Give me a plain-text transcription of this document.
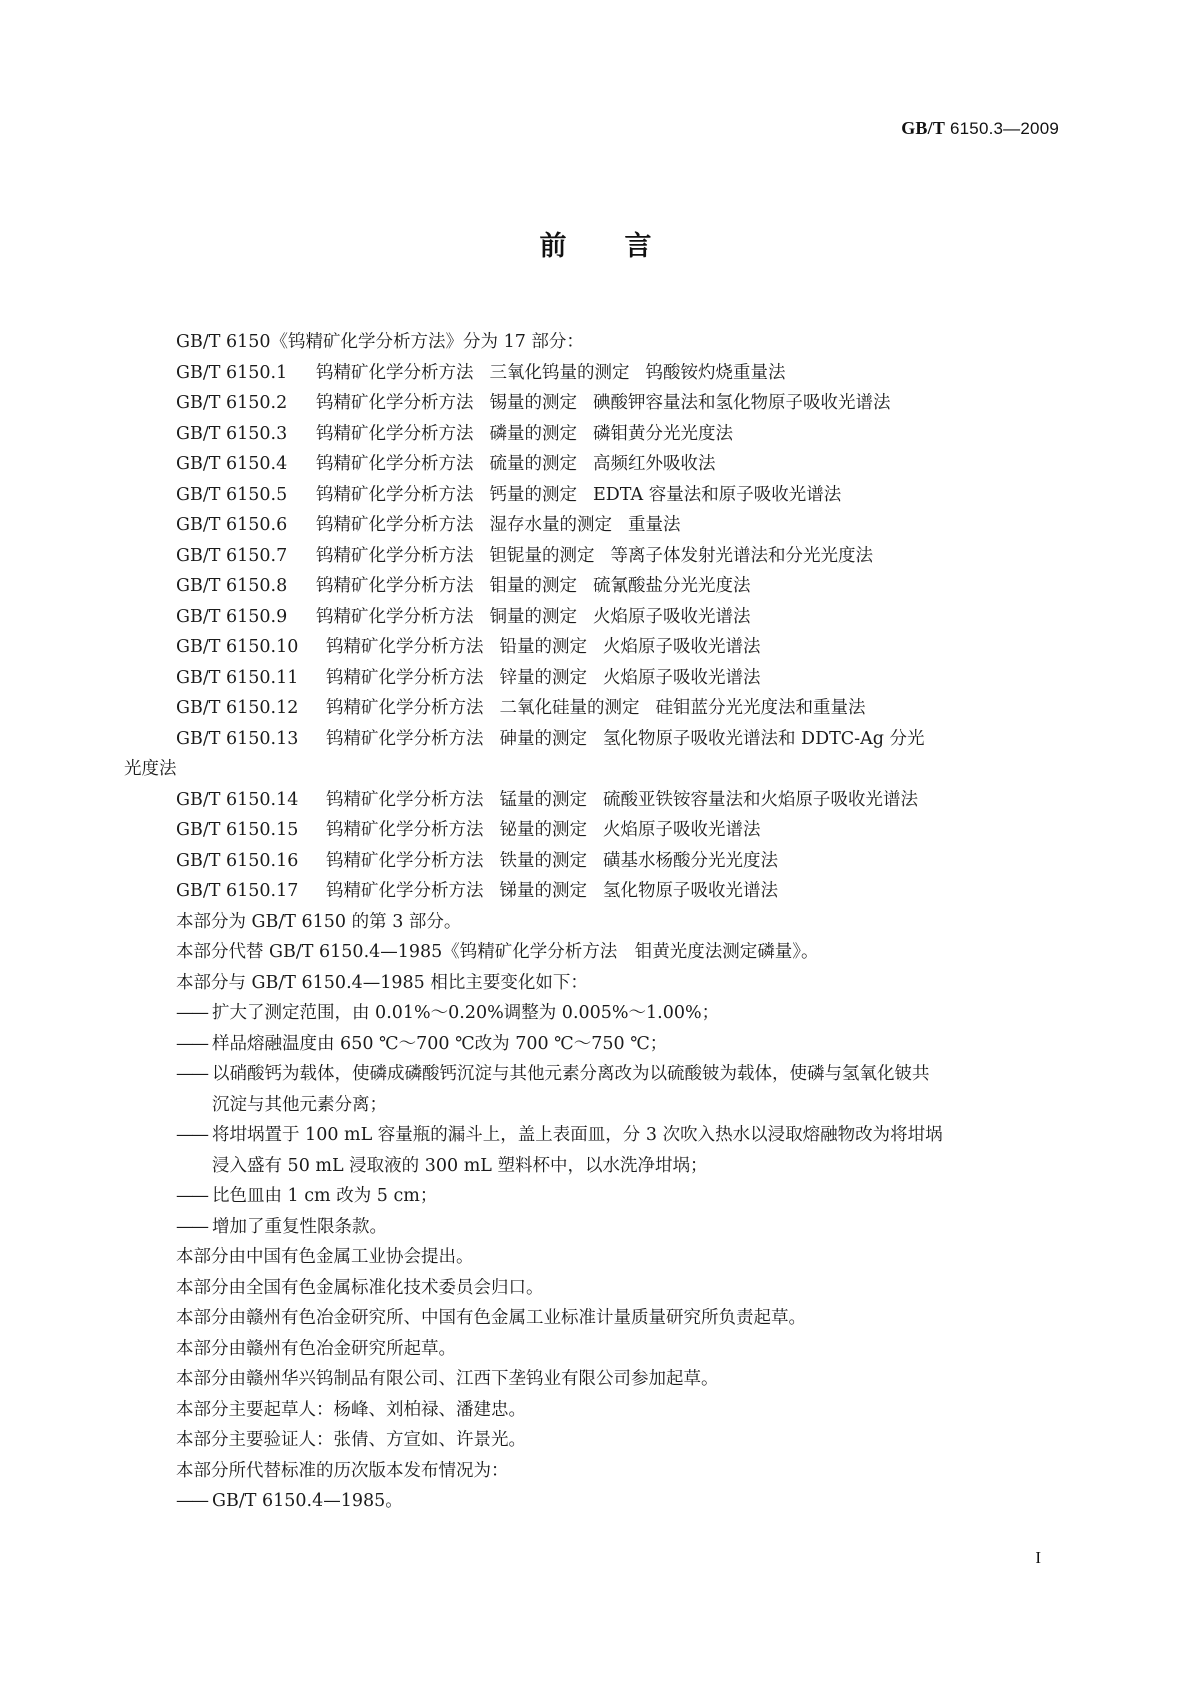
GB/T 6150.3—2009
前言
GB/T 6150《钨精矿化学分析方法》分为 17 部分：
GB/T 6150.1 钨精矿化学分析方法 三氧化钨量的测定 钨酸铵灼烧重量法
GB/T 6150.2 钨精矿化学分析方法 锡量的测定 碘酸钾容量法和氢化物原子吸收光谱法
GB/T 6150.3 钨精矿化学分析方法 磷量的测定 磷钼黄分光光度法
GB/T 6150.4 钨精矿化学分析方法 硫量的测定 高频红外吸收法
GB/T 6150.5 钨精矿化学分析方法 钙量的测定 EDTA 容量法和原子吸收光谱法
GB/T 6150.6 钨精矿化学分析方法 湿存水量的测定 重量法
GB/T 6150.7 钨精矿化学分析方法 钽铌量的测定 等离子体发射光谱法和分光光度法
GB/T 6150.8 钨精矿化学分析方法 钼量的测定 硫氰酸盐分光光度法
GB/T 6150.9 钨精矿化学分析方法 铜量的测定 火焰原子吸收光谱法
GB/T 6150.10 钨精矿化学分析方法 铅量的测定 火焰原子吸收光谱法
GB/T 6150.11 钨精矿化学分析方法 锌量的测定 火焰原子吸收光谱法
GB/T 6150.12 钨精矿化学分析方法 二氧化硅量的测定 硅钼蓝分光光度法和重量法
GB/T 6150.13 钨精矿化学分析方法 砷量的测定 氢化物原子吸收光谱法和 DDTC-Ag 分光
光度法
GB/T 6150.14 钨精矿化学分析方法 锰量的测定 硫酸亚铁铵容量法和火焰原子吸收光谱法
GB/T 6150.15 钨精矿化学分析方法 铋量的测定 火焰原子吸收光谱法
GB/T 6150.16 钨精矿化学分析方法 铁量的测定 磺基水杨酸分光光度法
GB/T 6150.17 钨精矿化学分析方法 锑量的测定 氢化物原子吸收光谱法
本部分为 GB/T 6150 的第 3 部分。
本部分代替 GB/T 6150.4—1985《钨精矿化学分析方法　钼黄光度法测定磷量》。
本部分与 GB/T 6150.4—1985 相比主要变化如下：
—— 扩大了测定范围，由 0.01%～0.20%调整为 0.005%～1.00%；
—— 样品熔融温度由 650 ℃～700 ℃改为 700 ℃～750 ℃；
—— 以硝酸钙为载体，使磷成磷酸钙沉淀与其他元素分离改为以硫酸铍为载体，使磷与氢氧化铍共
沉淀与其他元素分离；
—— 将坩埚置于 100 mL 容量瓶的漏斗上，盖上表面皿，分 3 次吹入热水以浸取熔融物改为将坩埚
浸入盛有 50 mL 浸取液的 300 mL 塑料杯中，以水洗净坩埚；
—— 比色皿由 1 cm 改为 5 cm；
—— 增加了重复性限条款。
本部分由中国有色金属工业协会提出。
本部分由全国有色金属标准化技术委员会归口。
本部分由赣州有色冶金研究所、中国有色金属工业标准计量质量研究所负责起草。
本部分由赣州有色冶金研究所起草。
本部分由赣州华兴钨制品有限公司、江西下垄钨业有限公司参加起草。
本部分主要起草人：杨峰、刘柏禄、潘建忠。
本部分主要验证人：张倩、方宣如、许景光。
本部分所代替标准的历次版本发布情况为：
—— GB/T 6150.4—1985。
I
